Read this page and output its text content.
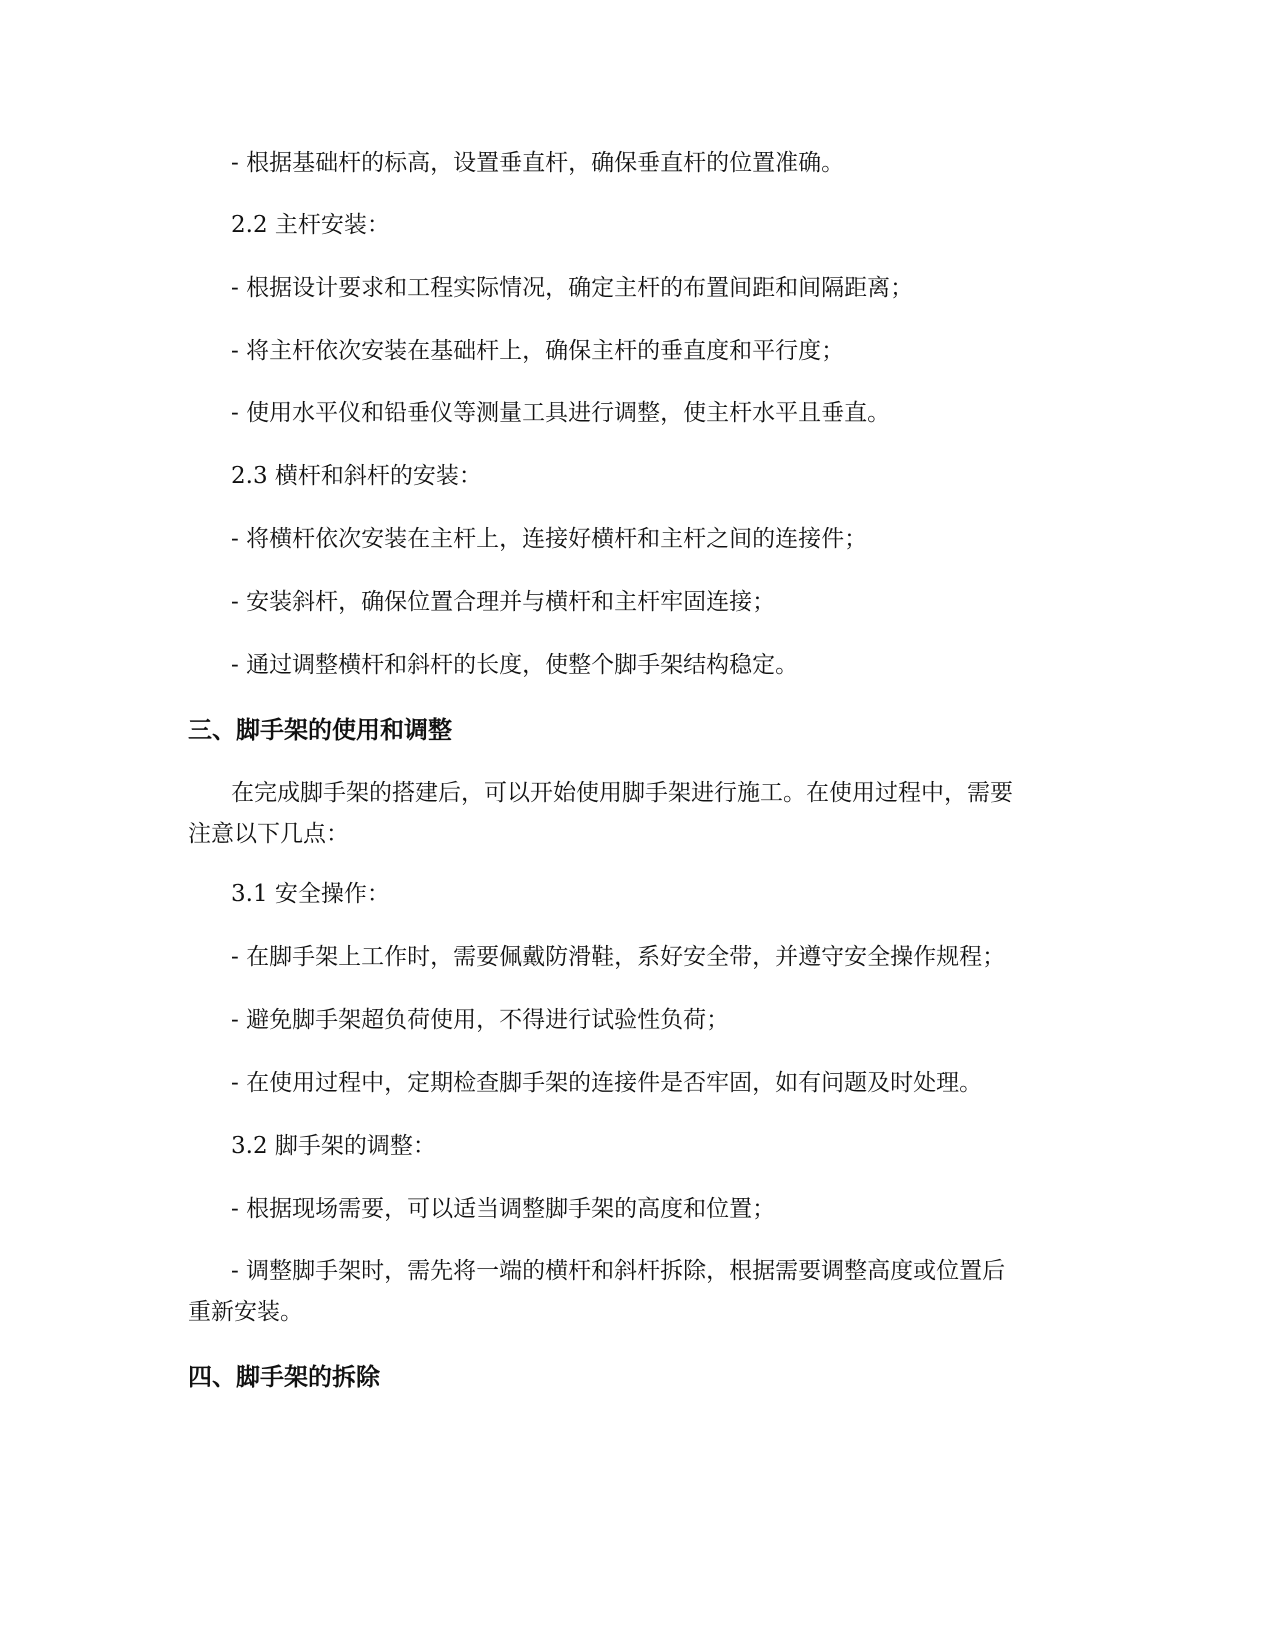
- 根据基础杆的标高，设置垂直杆，确保垂直杆的位置准确。
2.2 主杆安装：
- 根据设计要求和工程实际情况，确定主杆的布置间距和间隔距离；
- 将主杆依次安装在基础杆上，确保主杆的垂直度和平行度；
- 使用水平仪和铅垂仪等测量工具进行调整，使主杆水平且垂直。
2.3 横杆和斜杆的安装：
- 将横杆依次安装在主杆上，连接好横杆和主杆之间的连接件；
- 安装斜杆，确保位置合理并与横杆和主杆牢固连接；
- 通过调整横杆和斜杆的长度，使整个脚手架结构稳定。
三、脚手架的使用和调整
在完成脚手架的搭建后，可以开始使用脚手架进行施工。在使用过程中，需要
注意以下几点：
3.1 安全操作：
- 在脚手架上工作时，需要佩戴防滑鞋，系好安全带，并遵守安全操作规程；
- 避免脚手架超负荷使用，不得进行试验性负荷；
- 在使用过程中，定期检查脚手架的连接件是否牢固，如有问题及时处理。
3.2 脚手架的调整：
- 根据现场需要，可以适当调整脚手架的高度和位置；
- 调整脚手架时，需先将一端的横杆和斜杆拆除，根据需要调整高度或位置后
重新安装。
四、脚手架的拆除
